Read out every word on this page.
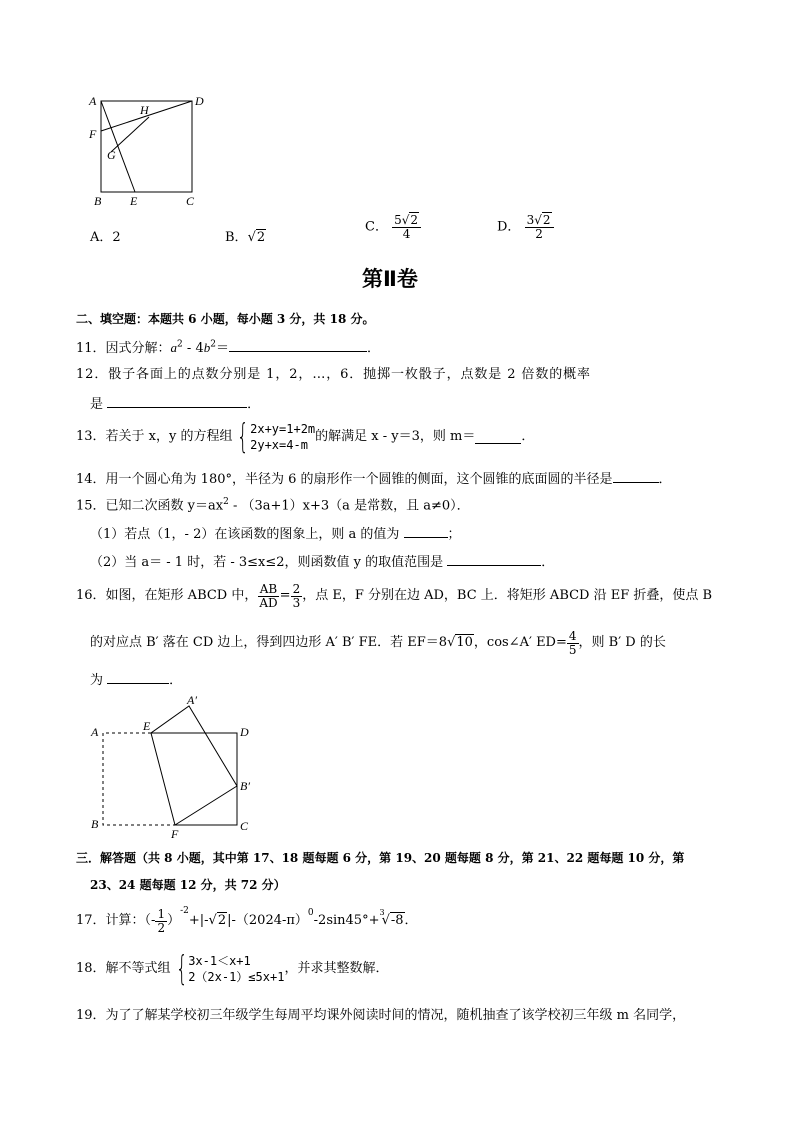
A	D
H
F
G
B E	C
A．2	B．√2
C． $\frac{5√2}{4}$	D． $\frac{3√2}{2}$
第Ⅱ卷
二、填空题：本题共 6 小题，每小题 3 分，共 18 分。
11．因式分解：$a^2 - 4b^2=$	．
12．骰子各面上的点数分别是 1，2，…，6．抛掷一枚骰子，点数是 2 倍数的概率
是	．
13．若关于 x，y 的方程组 { 2x+y=1+2m
2y+x=4-m
的解满足 x - y＝3，则 m＝	．
14．用一个圆心角为 180°，半径为 6 的扇形作一个圆锥的侧面，这个圆锥的底面圆的半径是	．
15．已知二次函数 $y=ax^2 - (3a+1)x+3(a$ 是常数，且 a≠0）．
（1）若点（1，- 2）在该函数的图象上，则 a 的值为	；
（2）当 a＝ - 1 时，若 - 3≤x≤2，则函数值 y 的取值范围是	．
16．如图，在矩形 ABCD 中， $\frac{AB}{AD} = \frac{2}{3}$ ，点 E，F 分别在边 AD，BC 上．将矩形 ABCD 沿 EF 折叠，使点 B
的对应点 B′ 落在 CD 边上，得到四边形 A′ B′ FE．若 EF＝8 √10 ，cos∠A′ $ED= \frac{4}{5}$ ，则 B′ D 的长
为	．
A	E
A′
D
B′
B
F
C
三．解答题（共 8 小题，其中第 17、18 题每题 6 分，第 19、20 题每题 8 分，第 21、22 题每题 10 分，第
23、24 题每题 12 分，共 72 分）
17．计算：（- $\frac{1}{2}$ ）
$^{-2}$
+|- √2 |-（2024-π）
$^0$
-2sin45°+
$^3$
√-8 ．
18．解不等式组 { 3x-1＜x+1
2（2x-1）≤5x+1
，并求其整数解．
19．为了了解某学校初三年级学生每周平均课外阅读时间的情况，随机抽查了该学校初三年级 m 名同学，
